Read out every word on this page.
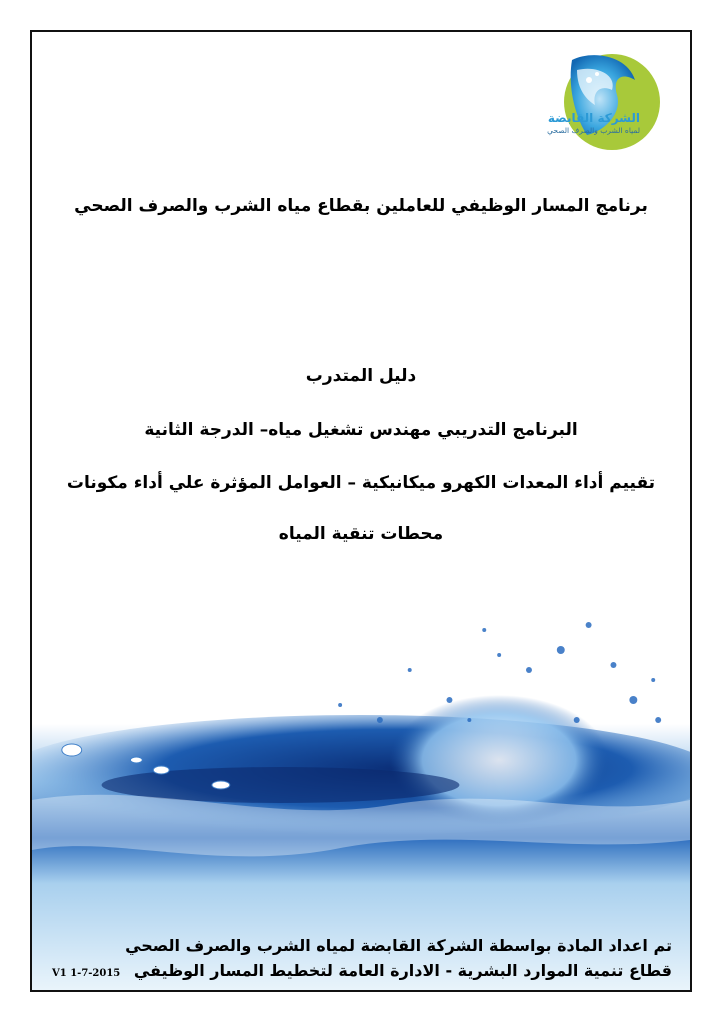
الشركة القابضة
لمياه الشرب والصرف الصحي
برنامج المسار الوظيفي للعاملين بقطاع مياه الشرب والصرف الصحي
دليل المتدرب
البرنامج التدريبي مهندس تشغيل مياه– الدرجة الثانية
تقييم أداء المعدات الكهرو ميكانيكية – العوامل المؤثرة علي أداء مكونات
محطات تنقية المياه
تم اعداد المادة بواسطة الشركة القابضة لمياه الشرب والصرف الصحي
قطاع تنمية الموارد البشرية - الادارة العامة لتخطيط المسار الوظيفي V1 1-7-2015
